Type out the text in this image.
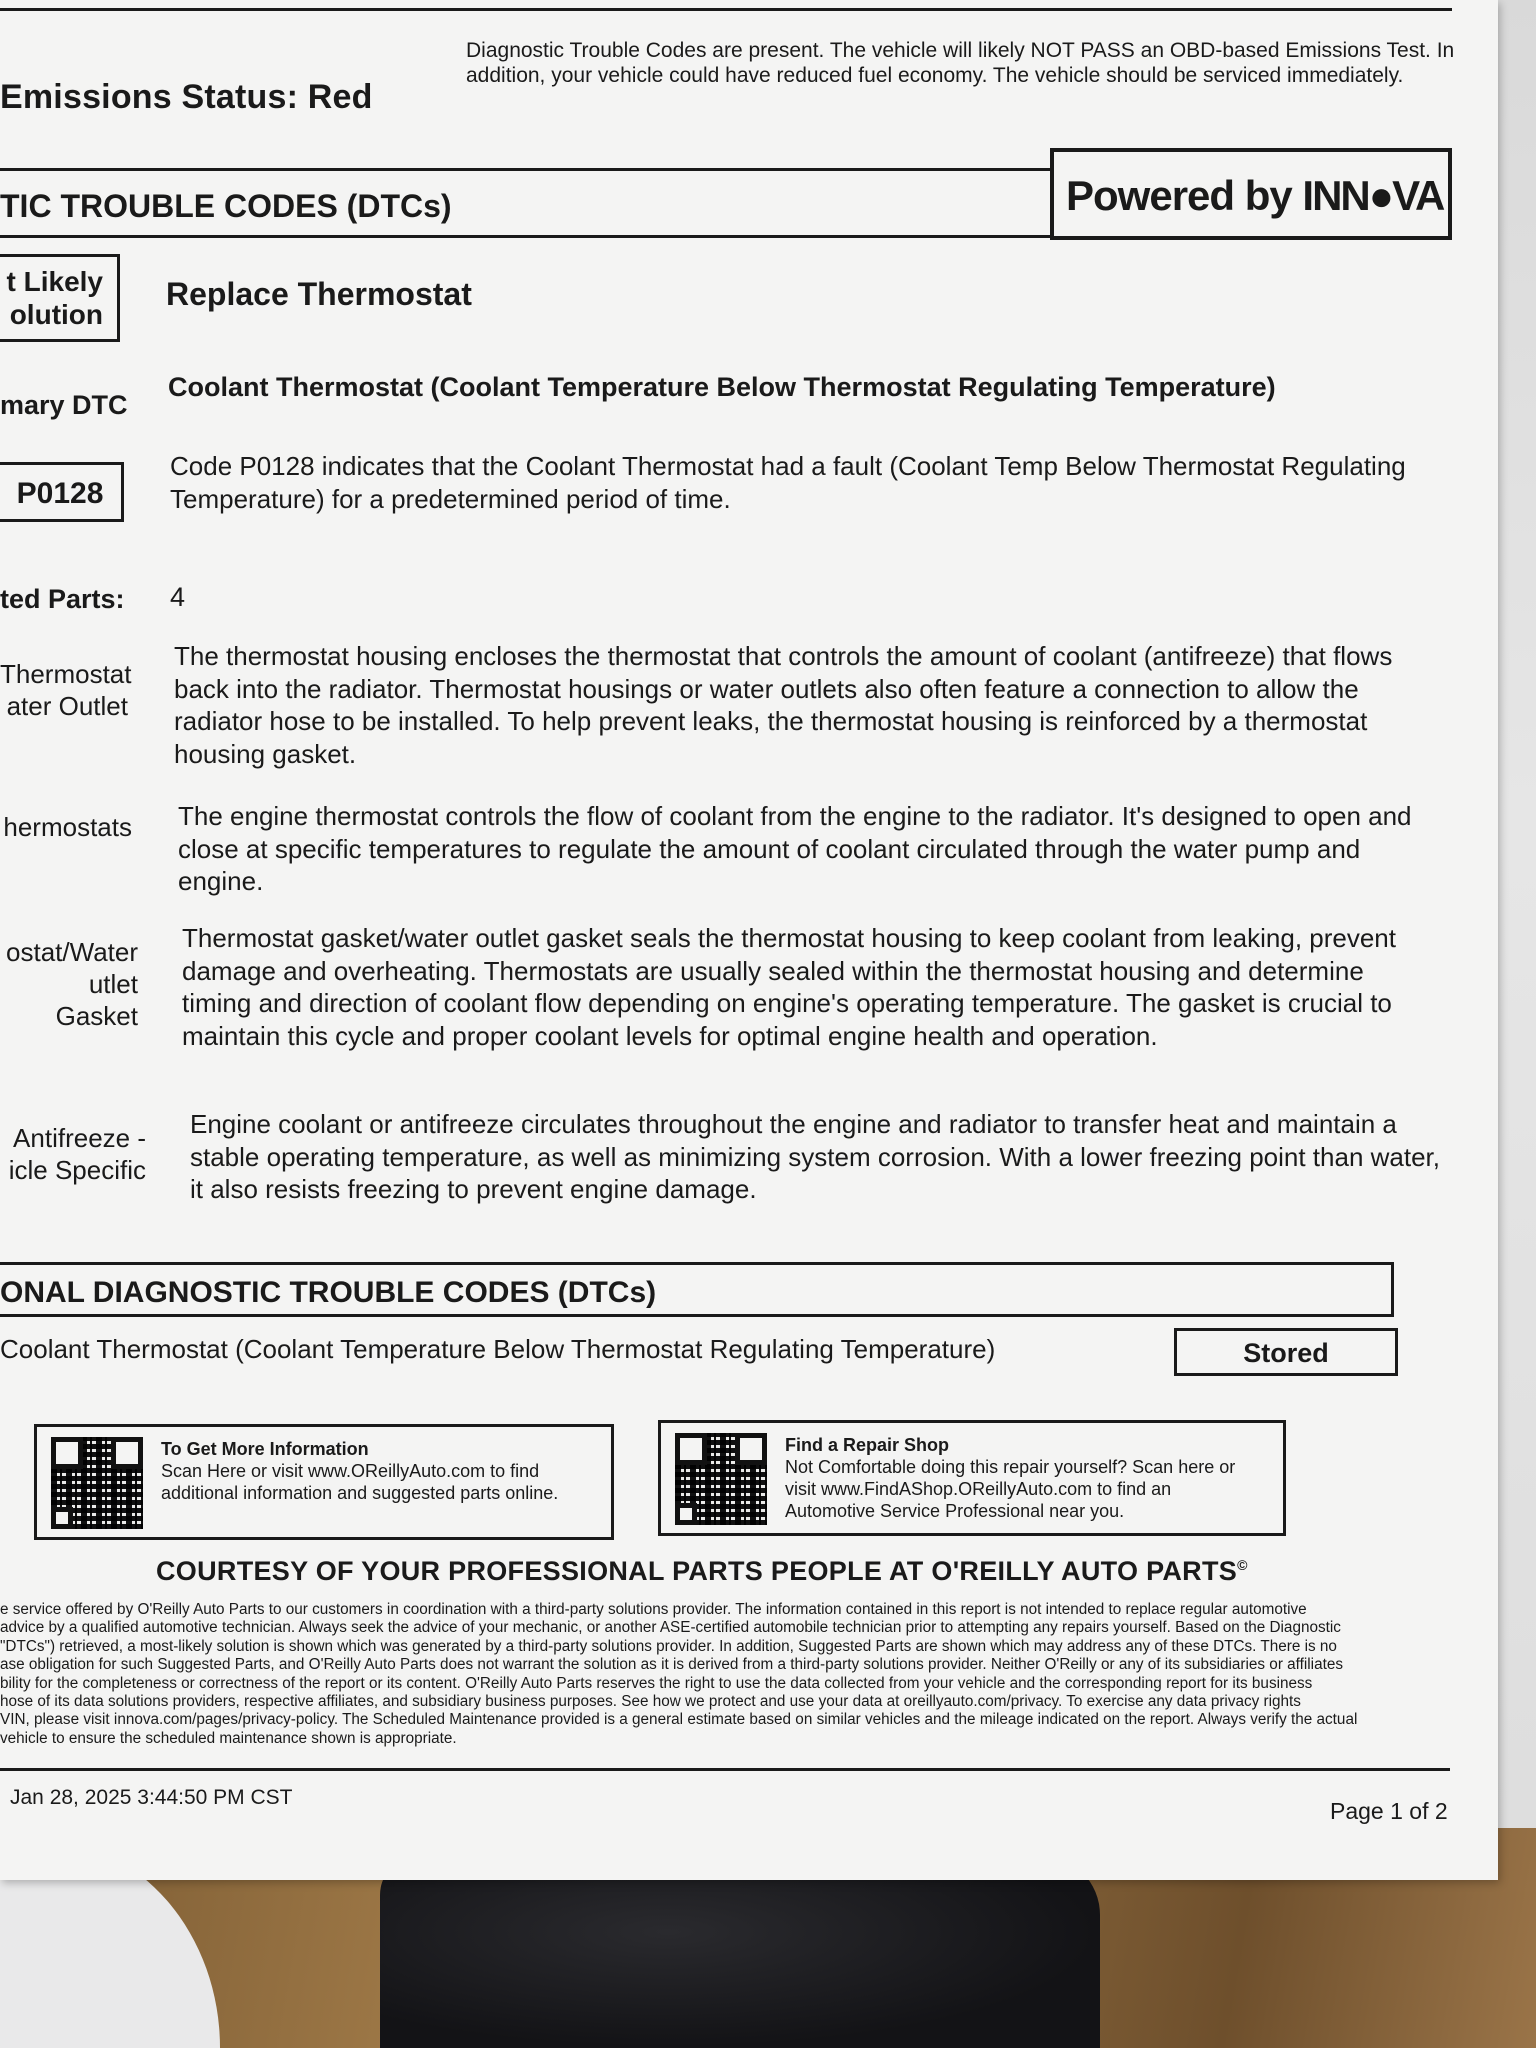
Emissions Status: Red
Diagnostic Trouble Codes are present. The vehicle will likely NOT PASS an OBD-based Emissions Test. In addition, your vehicle could have reduced fuel economy. The vehicle should be serviced immediately.
TIC TROUBLE CODES (DTCs)	Powered by INN●VA
t Likely olution
Replace Thermostat
mary DTC
Coolant Thermostat (Coolant Temperature Below Thermostat Regulating Temperature)
P0128
Code P0128 indicates that the Coolant Thermostat had a fault (Coolant Temp Below Thermostat Regulating Temperature) for a predetermined period of time.
ted Parts: 4
Thermostat ater Outlet
The thermostat housing encloses the thermostat that controls the amount of coolant (antifreeze) that flows back into the radiator. Thermostat housings or water outlets also often feature a connection to allow the radiator hose to be installed. To help prevent leaks, the thermostat housing is reinforced by a thermostat housing gasket.
hermostats The engine thermostat controls the flow of coolant from the engine to the radiator. It's designed to open and close at specific temperatures to regulate the amount of coolant circulated through the water pump and engine.
ostat/Water utlet Gasket
Thermostat gasket/water outlet gasket seals the thermostat housing to keep coolant from leaking, prevent damage and overheating. Thermostats are usually sealed within the thermostat housing and determine timing and direction of coolant flow depending on engine's operating temperature. The gasket is crucial to maintain this cycle and proper coolant levels for optimal engine health and operation.
Antifreeze - icle Specific
Engine coolant or antifreeze circulates throughout the engine and radiator to transfer heat and maintain a stable operating temperature, as well as minimizing system corrosion. With a lower freezing point than water, it also resists freezing to prevent engine damage.
ONAL DIAGNOSTIC TROUBLE CODES (DTCs)
Coolant Thermostat (Coolant Temperature Below Thermostat Regulating Temperature)	Stored
To Get More Information
Scan Here or visit www.OReillyAuto.com to find additional information and suggested parts online.
Find a Repair Shop
Not Comfortable doing this repair yourself? Scan here or visit www.FindAShop.OReillyAuto.com to find an Automotive Service Professional near you.
COURTESY OF YOUR PROFESSIONAL PARTS PEOPLE AT O'REILLY AUTO PARTS©
e service offered by O'Reilly Auto Parts to our customers in coordination with a third-party solutions provider. The information contained in this report is not intended to replace regular automotive
advice by a qualified automotive technician. Always seek the advice of your mechanic, or another ASE-certified automobile technician prior to attempting any repairs yourself. Based on the Diagnostic
"DTCs") retrieved, a most-likely solution is shown which was generated by a third-party solutions provider. In addition, Suggested Parts are shown which may address any of these DTCs. There is no
ase obligation for such Suggested Parts, and O'Reilly Auto Parts does not warrant the solution as it is derived from a third-party solutions provider. Neither O'Reilly or any of its subsidiaries or affiliates
bility for the completeness or correctness of the report or its content. O'Reilly Auto Parts reserves the right to use the data collected from your vehicle and the corresponding report for its business
hose of its data solutions providers, respective affiliates, and subsidiary business purposes. See how we protect and use your data at oreillyauto.com/privacy. To exercise any data privacy rights
VIN, please visit innova.com/pages/privacy-policy. The Scheduled Maintenance provided is a general estimate based on similar vehicles and the mileage indicated on the report. Always verify the actual
vehicle to ensure the scheduled maintenance shown is appropriate.
Jan 28, 2025 3:44:50 PM CST
Page 1 of 2
